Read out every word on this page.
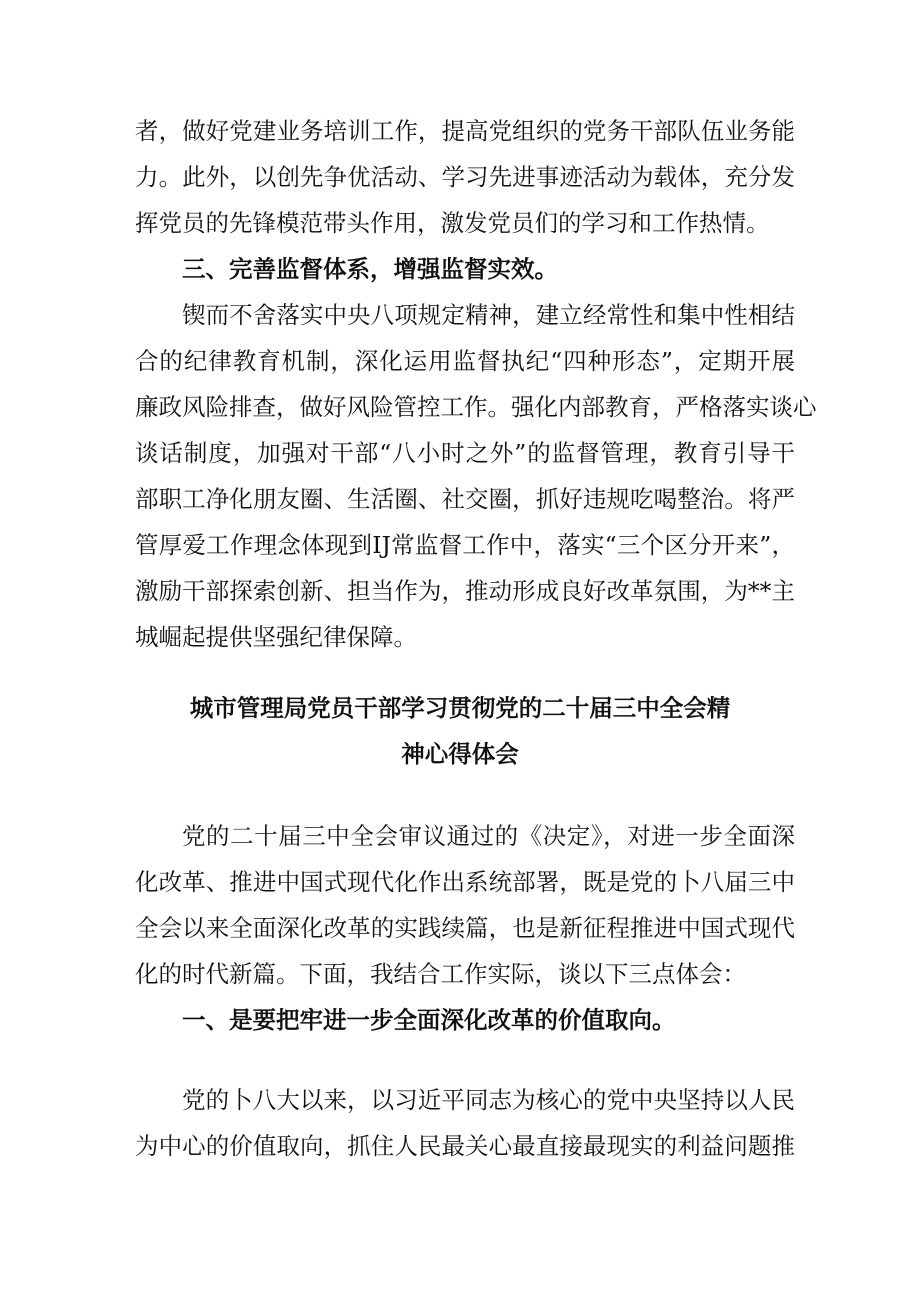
者，做好党建业务培训工作，提高党组织的党务干部队伍业务能
力。此外，以创先争优活动、学习先进事迹活动为载体，充分发
挥党员的先锋模范带头作用，激发党员们的学习和工作热情。
三、完善监督体系，增强监督实效。
锲而不舍落实中央八项规定精神，建立经常性和集中性相结
合的纪律教育机制，深化运用监督执纪“四种形态”，定期开展
廉政风险排查，做好风险管控工作。强化内部教育，严格落实谈心
谈话制度，加强对干部“八小时之外”的监督管理，教育引导干
部职工净化朋友圈、生活圈、社交圈，抓好违规吃喝整治。将严
管厚爱工作理念体现到IJ常监督工作中，落实“三个区分开来”，
激励干部探索创新、担当作为，推动形成良好改革氛围，为**主
城崛起提供坚强纪律保障。
城市管理局党员干部学习贯彻党的二十届三中全会精
神心得体会
党的二十届三中全会审议通过的《决定》，对进一步全面深
化改革、推进中国式现代化作出系统部署，既是党的卜八届三中
全会以来全面深化改革的实践续篇，也是新征程推进中国式现代
化的时代新篇。下面，我结合工作实际，谈以下三点体会：
一、是要把牢进一步全面深化改革的价值取向。
党的卜八大以来，以习近平同志为核心的党中央坚持以人民
为中心的价值取向，抓住人民最关心最直接最现实的利益问题推
